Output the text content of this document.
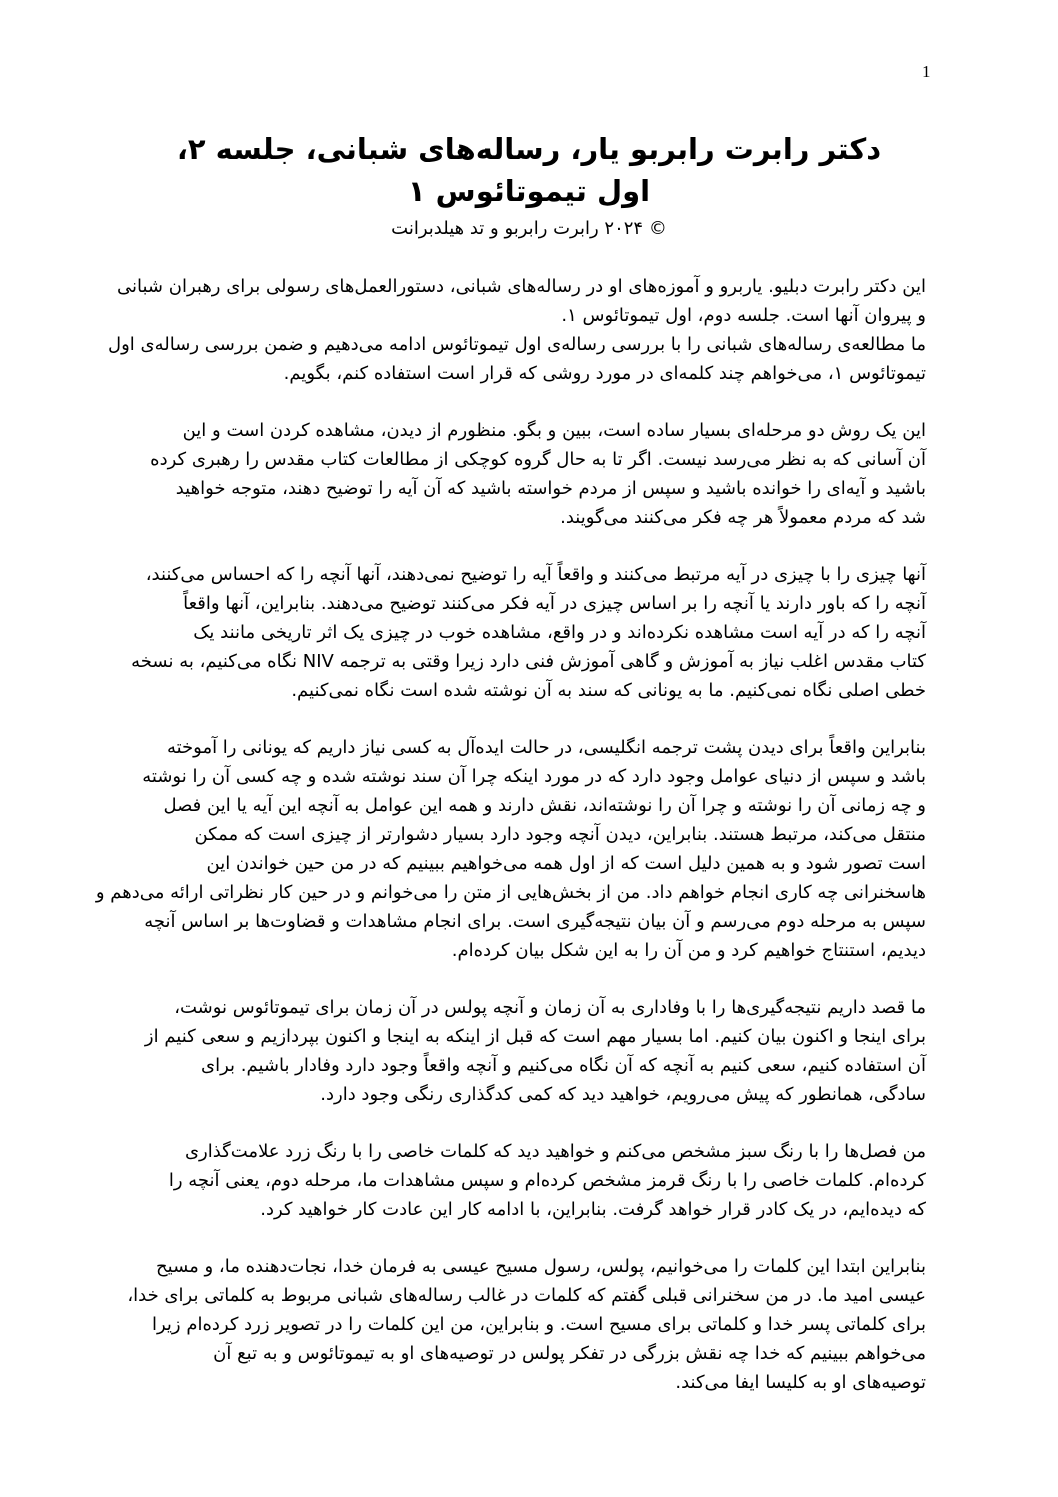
1
دکتر رابرت رابربو یار، رساله‌های شبانی، جلسه ۲،
اول تیموتائوس ۱

© ۲۰۲۴ رابرت رابربو و تد هیلدبرانت

این دکتر رابرت دبلیو. یاربرو و آموزه‌های او در رساله‌های شبانی، دستورالعمل‌های رسولی برای رهبران شبانی
و پیروان آنها است. جلسه دوم، اول تیموتائوس ۱.
ما مطالعه‌ی رساله‌های شبانی را با بررسی رساله‌ی اول تیموتائوس ادامه می‌دهیم و ضمن بررسی رساله‌ی اول
تیموتائوس ۱، می‌خواهم چند کلمه‌ای در مورد روشی که قرار است استفاده کنم، بگویم.

این یک روش دو مرحله‌ای بسیار ساده است، ببین و بگو. منظورم از دیدن، مشاهده کردن است و این
آن آسانی که به نظر می‌رسد نیست. اگر تا به حال گروه کوچکی از مطالعات کتاب مقدس را رهبری کرده
باشید و آیه‌ای را خوانده باشید و سپس از مردم خواسته باشید که آن آیه را توضیح دهند، متوجه خواهید
شد که مردم معمولاً هر چه فکر می‌کنند می‌گویند.

آنها چیزی را با چیزی در آیه مرتبط می‌کنند و واقعاً آیه را توضیح نمی‌دهند، آنها آنچه را که احساس می‌کنند،
آنچه را که باور دارند یا آنچه را بر اساس چیزی در آیه فکر می‌کنند توضیح می‌دهند. بنابراین، آنها واقعاً
آنچه را که در آیه است مشاهده نکرده‌اند و در واقع، مشاهده خوب در چیزی یک اثر تاریخی مانند یک
کتاب مقدس اغلب نیاز به آموزش و گاهی آموزش فنی دارد زیرا وقتی به ترجمه NIV نگاه می‌کنیم، به نسخه
خطی اصلی نگاه نمی‌کنیم. ما به یونانی که سند به آن نوشته شده است نگاه نمی‌کنیم.

بنابراین واقعاً برای دیدن پشت ترجمه انگلیسی، در حالت ایده‌آل به کسی نیاز داریم که یونانی را آموخته
باشد و سپس از دنیای عوامل وجود دارد که در مورد اینکه چرا آن سند نوشته شده و چه کسی آن را نوشته
و چه زمانی آن را نوشته و چرا آن را نوشته‌اند، نقش دارند و همه این عوامل به آنچه این آیه یا این فصل
منتقل می‌کند، مرتبط هستند. بنابراین، دیدن آنچه وجود دارد بسیار دشوارتر از چیزی است که ممکن
است تصور شود و به همین دلیل است که از اول همه می‌خواهیم ببینیم که در من حین خواندن این
هاسخنرانی چه کاری انجام خواهم داد. من از بخش‌هایی از متن را می‌خوانم و در حین کار نظراتی ارائه می‌دهم و
سپس به مرحله دوم می‌رسم و آن بیان نتیجه‌گیری است. برای انجام مشاهدات و قضاوت‌ها بر اساس آنچه
دیدیم، استنتاج خواهیم کرد و من آن را به این شکل بیان کرده‌ام.

ما قصد داریم نتیجه‌گیری‌ها را با وفاداری به آن زمان و آنچه پولس در آن زمان برای تیموتائوس نوشت،
برای اینجا و اکنون بیان کنیم. اما بسیار مهم است که قبل از اینکه به اینجا و اکنون بپردازیم و سعی کنیم از
آن استفاده کنیم، سعی کنیم به آنچه که آن نگاه می‌کنیم و آنچه واقعاً وجود دارد وفادار باشیم. برای
سادگی، همانطور که پیش می‌رویم، خواهید دید که کمی کدگذاری رنگی وجود دارد.

من فصل‌ها را با رنگ سبز مشخص می‌کنم و خواهید دید که کلمات خاصی را با رنگ زرد علامت‌گذاری
کرده‌ام. کلمات خاصی را با رنگ قرمز مشخص کرده‌ام و سپس مشاهدات ما، مرحله دوم، یعنی آنچه را
که دیده‌ایم، در یک کادر قرار خواهد گرفت. بنابراین، با ادامه کار این عادت کار خواهید کرد.

بنابراین ابتدا این کلمات را می‌خوانیم، پولس، رسول مسیح عیسی به فرمان خدا، نجات‌دهنده ما، و مسیح
عیسی امید ما. در من سخنرانی قبلی گفتم که کلمات در غالب رساله‌های شبانی مربوط به کلماتی برای خدا،
برای کلماتی پسر خدا و کلماتی برای مسیح است. و بنابراین، من این کلمات را در تصویر زرد کرده‌ام زیرا
می‌خواهم ببینیم که خدا چه نقش بزرگی در تفکر پولس در توصیه‌های او به تیموتائوس و به تبع آن
توصیه‌های او به کلیسا ایفا می‌کند.
